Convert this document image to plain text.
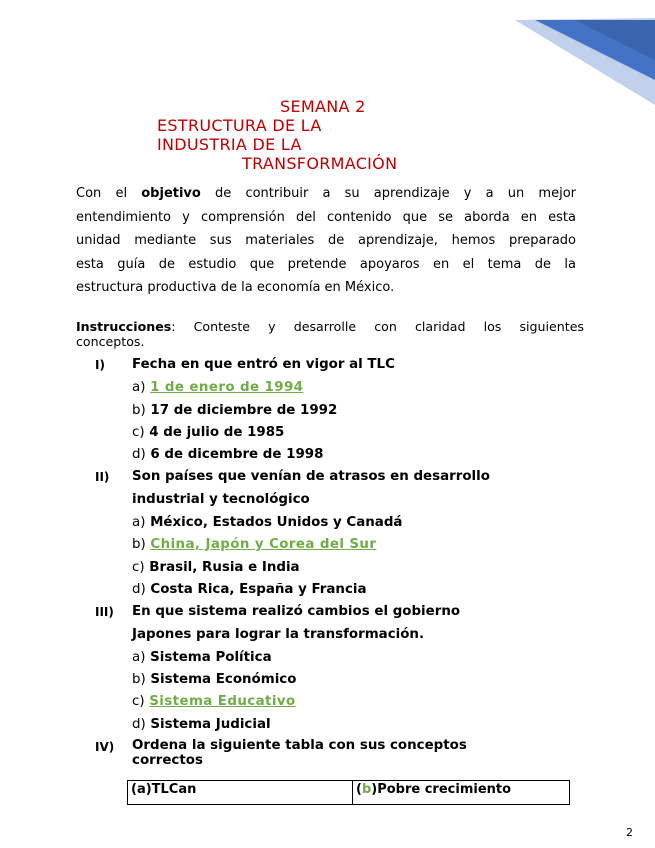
SEMANA 2
ESTRUCTURA DE LA
INDUSTRIA DE LA
TRANSFORMACIÓN
Con el objetivo de contribuir a su aprendizaje y a un mejor
entendimiento y comprensión del contenido que se aborda en esta
unidad mediante sus materiales de aprendizaje, hemos preparado
esta guía de estudio que pretende apoyaros en el tema de la
estructura productiva de la economía en México.
Instrucciones: Conteste y desarrolle con claridad los siguientes
conceptos.
I) Fecha en que entró en vigor al TLC
a) 1 de enero de 1994
b) 17 de diciembre de 1992
c) 4 de julio de 1985
d) 6 de dicembre de 1998
II) Son países que venían de atrasos en desarrollo
industrial y tecnológico
a) México, Estados Unidos y Canadá
b) China, Japón y Corea del Sur
c) Brasil, Rusia e India
d) Costa Rica, España y Francia
III) En que sistema realizó cambios el gobierno
Japones para lograr la transformación.
a) Sistema Política
b) Sistema Económico
c) Sistema Educativo
d) Sistema Judicial
IV) Ordena la siguiente tabla con sus conceptos
correctos
(a)TLCan	(b)Pobre crecimiento
2
